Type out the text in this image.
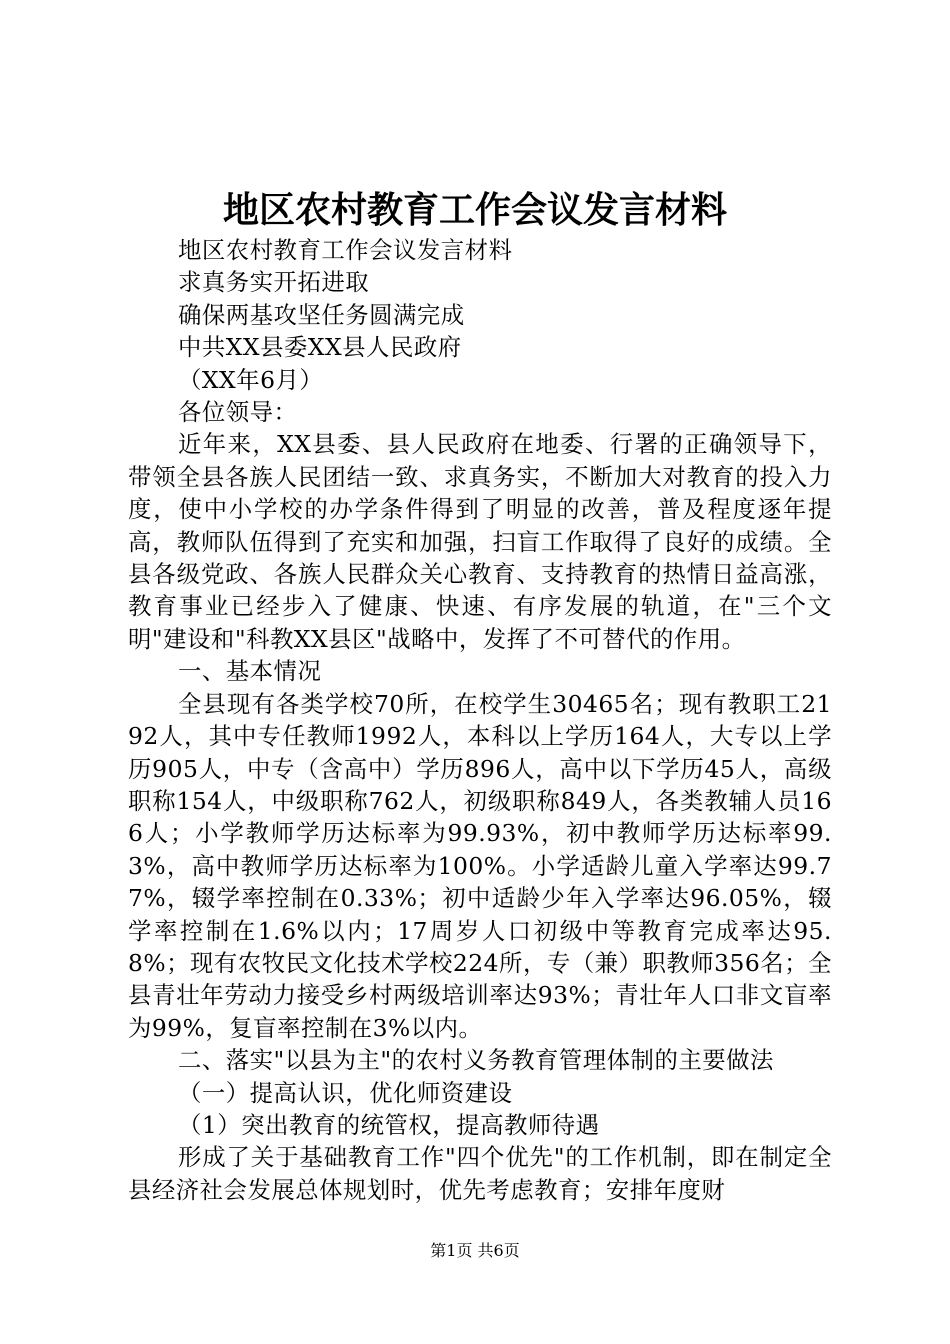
地区农村教育工作会议发言材料

地区农村教育工作会议发言材料

求真务实开拓进取

确保两基攻坚任务圆满完成

中共XX县委XX县人民政府

（XX年6月）

各位领导：

近年来，XX县委、县人民政府在地委、行署的正确领导下，带领全县各族人民团结一致、求真务实，不断加大对教育的投入力度，使中小学校的办学条件得到了明显的改善，普及程度逐年提高，教师队伍得到了充实和加强，扫盲工作取得了良好的成绩。全县各级党政、各族人民群众关心教育、支持教育的热情日益高涨，教育事业已经步入了健康、快速、有序发展的轨道，在"三个文明"建设和"科教XX县区"战略中，发挥了不可替代的作用。

一、基本情况

全县现有各类学校70所，在校学生30465名；现有教职工2192人，其中专任教师1992人，本科以上学历164人，大专以上学历905人，中专（含高中）学历896人，高中以下学历45人，高级职称154人，中级职称762人，初级职称849人，各类教辅人员166人；小学教师学历达标率为99.93%，初中教师学历达标率99.3%，高中教师学历达标率为100%。小学适龄儿童入学率达99.77%，辍学率控制在0.33%；初中适龄少年入学率达96.05%，辍学率控制在1.6%以内；17周岁人口初级中等教育完成率达95.8%；现有农牧民文化技术学校224所，专（兼）职教师356名；全县青壮年劳动力接受乡村两级培训率达93%；青壮年人口非文盲率为99%，复盲率控制在3%以内。

二、落实"以县为主"的农村义务教育管理体制的主要做法

（一）提高认识，优化师资建设

（1）突出教育的统管权，提高教师待遇

形成了关于基础教育工作"四个优先"的工作机制，即在制定全县经济社会发展总体规划时，优先考虑教育；安排年度财

第1页 共6页
